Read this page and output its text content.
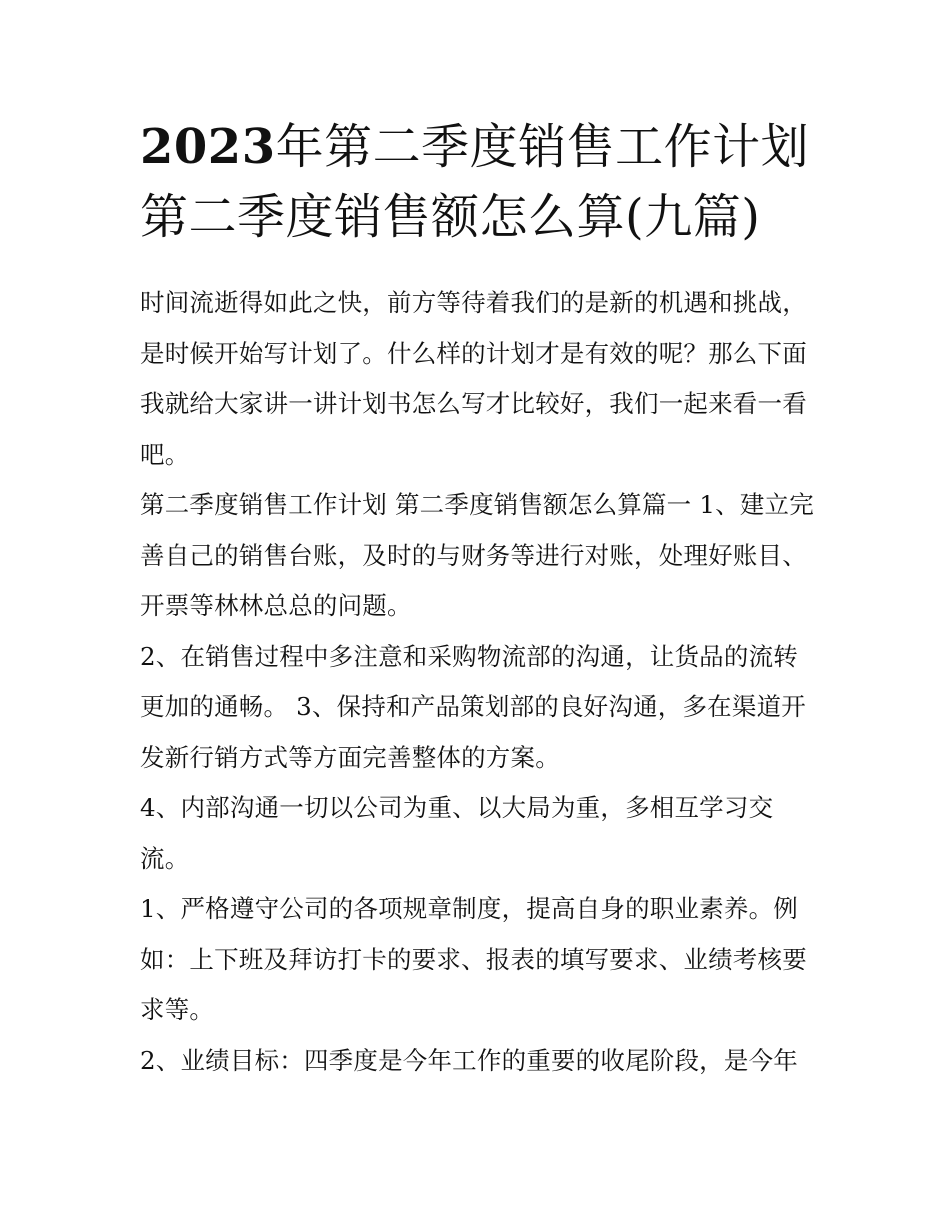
2023年第二季度销售工作计划第二季度销售额怎么算(九篇)

时间流逝得如此之快，前方等待着我们的是新的机遇和挑战，是时候开始写计划了。什么样的计划才是有效的呢？那么下面我就给大家讲一讲计划书怎么写才比较好，我们一起来看一看吧。

第二季度销售工作计划 第二季度销售额怎么算篇一 1、建立完善自己的销售台账，及时的与财务等进行对账，处理好账目、开票等林林总总的问题。

2、在销售过程中多注意和采购物流部的沟通，让货品的流转更加的通畅。 3、保持和产品策划部的良好沟通，多在渠道开发新行销方式等方面完善整体的方案。

4、内部沟通一切以公司为重、以大局为重，多相互学习交流。

1、严格遵守公司的各项规章制度，提高自身的职业素养。例如：上下班及拜访打卡的要求、报表的填写要求、业绩考核要求等。

2、业绩目标：四季度是今年工作的重要的收尾阶段，是今年
